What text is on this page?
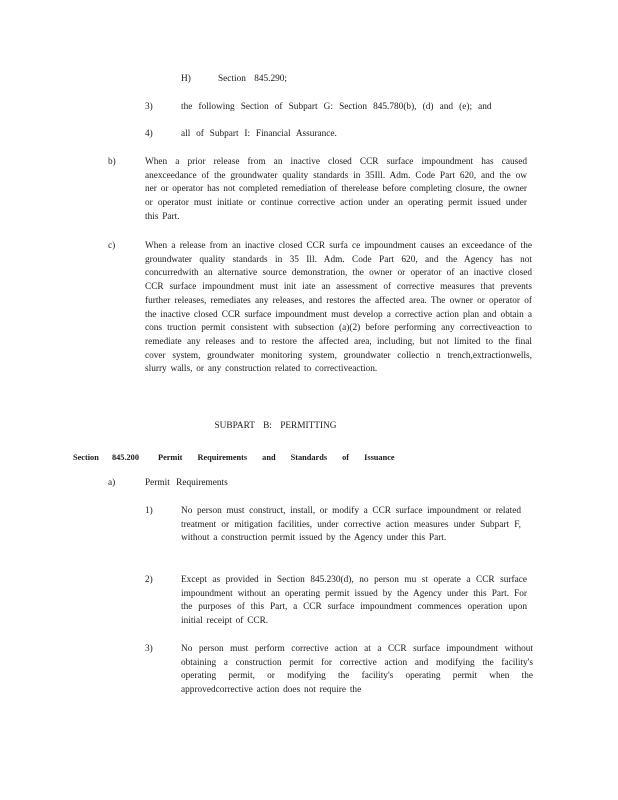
H)	Section 845.290;
3)	the following Section of Subpart G: Section 845.780(b), (d) and (e); and
4)	all of Subpart I: Financial Assurance.
b)	When a prior release from an inactive closed CCR surface impoundment has caused anexceedance of the groundwater quality standards in 35Ill. Adm. Code Part 620, and the ow ner or operator has not completed remediation of therelease before completing closure, the owner or operator must initiate or continue corrective action under an operating permit issued under this Part.
c)	When a release from an inactive closed CCR surfa ce impoundment causes an exceedance of the groundwater quality standards in 35 Ill. Adm. Code Part 620, and the Agency has not concurredwith an alternative source demonstration, the owner or operator of an inactive closed CCR surface impoundment must init iate an assessment of corrective measures that prevents further releases, remediates any releases, and restores the affected area. The owner or operator of the inactive closed CCR surface impoundment must develop a corrective action plan and obtain a cons truction permit consistent with subsection (a)(2) before performing any correctiveaction to remediate any releases and to restore the affected area, including, but not limited to the final cover system, groundwater monitoring system, groundwater collectio n trench,extractionwells, slurry walls, or any construction related to correctiveaction.
SUBPART B: PERMITTING
Section 845.200 Permit Requirements and Standards of Issuance
a)	Permit Requirements
1)	No person must construct, install, or modify a CCR surface impoundment or related treatment or mitigation facilities, under corrective action measures under Subpart F, without a construction permit issued by the Agency under this Part.
2)	Except as provided in Section 845.230(d), no person mu st operate a CCR surface impoundment without an operating permit issued by the Agency under this Part. For the purposes of this Part, a CCR surface impoundment commences operation upon initial receipt of CCR.
3)	No person must perform corrective action at a CCR surface impoundment without obtaining a construction permit for corrective action and modifying the facility's operating permit, or modifying the facility's operating permit when the approvedcorrective action does not require the
